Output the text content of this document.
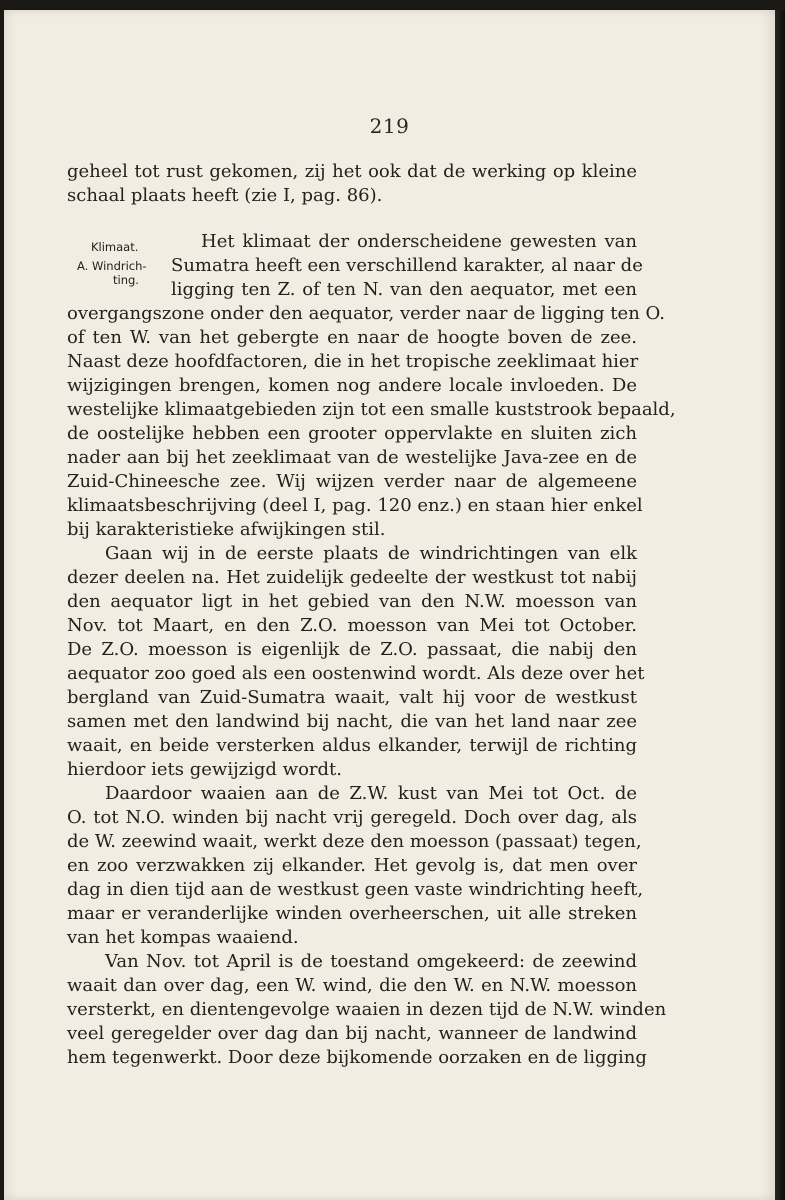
219
geheel tot rust gekomen, zij het ook dat de werking op kleine
schaal plaats heeft (zie I, pag. 86).
Het klimaat der onderscheidene gewesten van
Sumatra heeft een verschillend karakter, al naar de
ligging ten Z. of ten N. van den aequator, met een
overgangszone onder den aequator, verder naar de ligging ten O.
of ten W. van het gebergte en naar de hoogte boven de zee.
Naast deze hoofdfactoren, die in het tropische zeeklimaat hier
wijzigingen brengen, komen nog andere locale invloeden. De
westelijke klimaatgebieden zijn tot een smalle kuststrook bepaald,
de oostelijke hebben een grooter oppervlakte en sluiten zich
nader aan bij het zeeklimaat van de westelijke Java-zee en de
Zuid-Chineesche zee. Wij wijzen verder naar de algemeene
klimaatsbeschrijving (deel I, pag. 120 enz.) en staan hier enkel
bij karakteristieke afwijkingen stil.
Gaan wij in de eerste plaats de windrichtingen van elk
dezer deelen na. Het zuidelijk gedeelte der westkust tot nabij
den aequator ligt in het gebied van den N.W. moesson van
Nov. tot Maart, en den Z.O. moesson van Mei tot October.
De Z.O. moesson is eigenlijk de Z.O. passaat, die nabij den
aequator zoo goed als een oostenwind wordt. Als deze over het
bergland van Zuid-Sumatra waait, valt hij voor de westkust
samen met den landwind bij nacht, die van het land naar zee
waait, en beide versterken aldus elkander, terwijl de richting
hierdoor iets gewijzigd wordt.
Daardoor waaien aan de Z.W. kust van Mei tot Oct. de
O. tot N.O. winden bij nacht vrij geregeld. Doch over dag, als
de W. zeewind waait, werkt deze den moesson (passaat) tegen,
en zoo verzwakken zij elkander. Het gevolg is, dat men over
dag in dien tijd aan de westkust geen vaste windrichting heeft,
maar er veranderlijke winden overheerschen, uit alle streken
van het kompas waaiend.
Van Nov. tot April is de toestand omgekeerd: de zeewind
waait dan over dag, een W. wind, die den W. en N.W. moesson
versterkt, en dientengevolge waaien in dezen tijd de N.W. winden
veel geregelder over dag dan bij nacht, wanneer de landwind
hem tegenwerkt. Door deze bijkomende oorzaken en de ligging
Klimaat.
A. Windrich-
ting.
